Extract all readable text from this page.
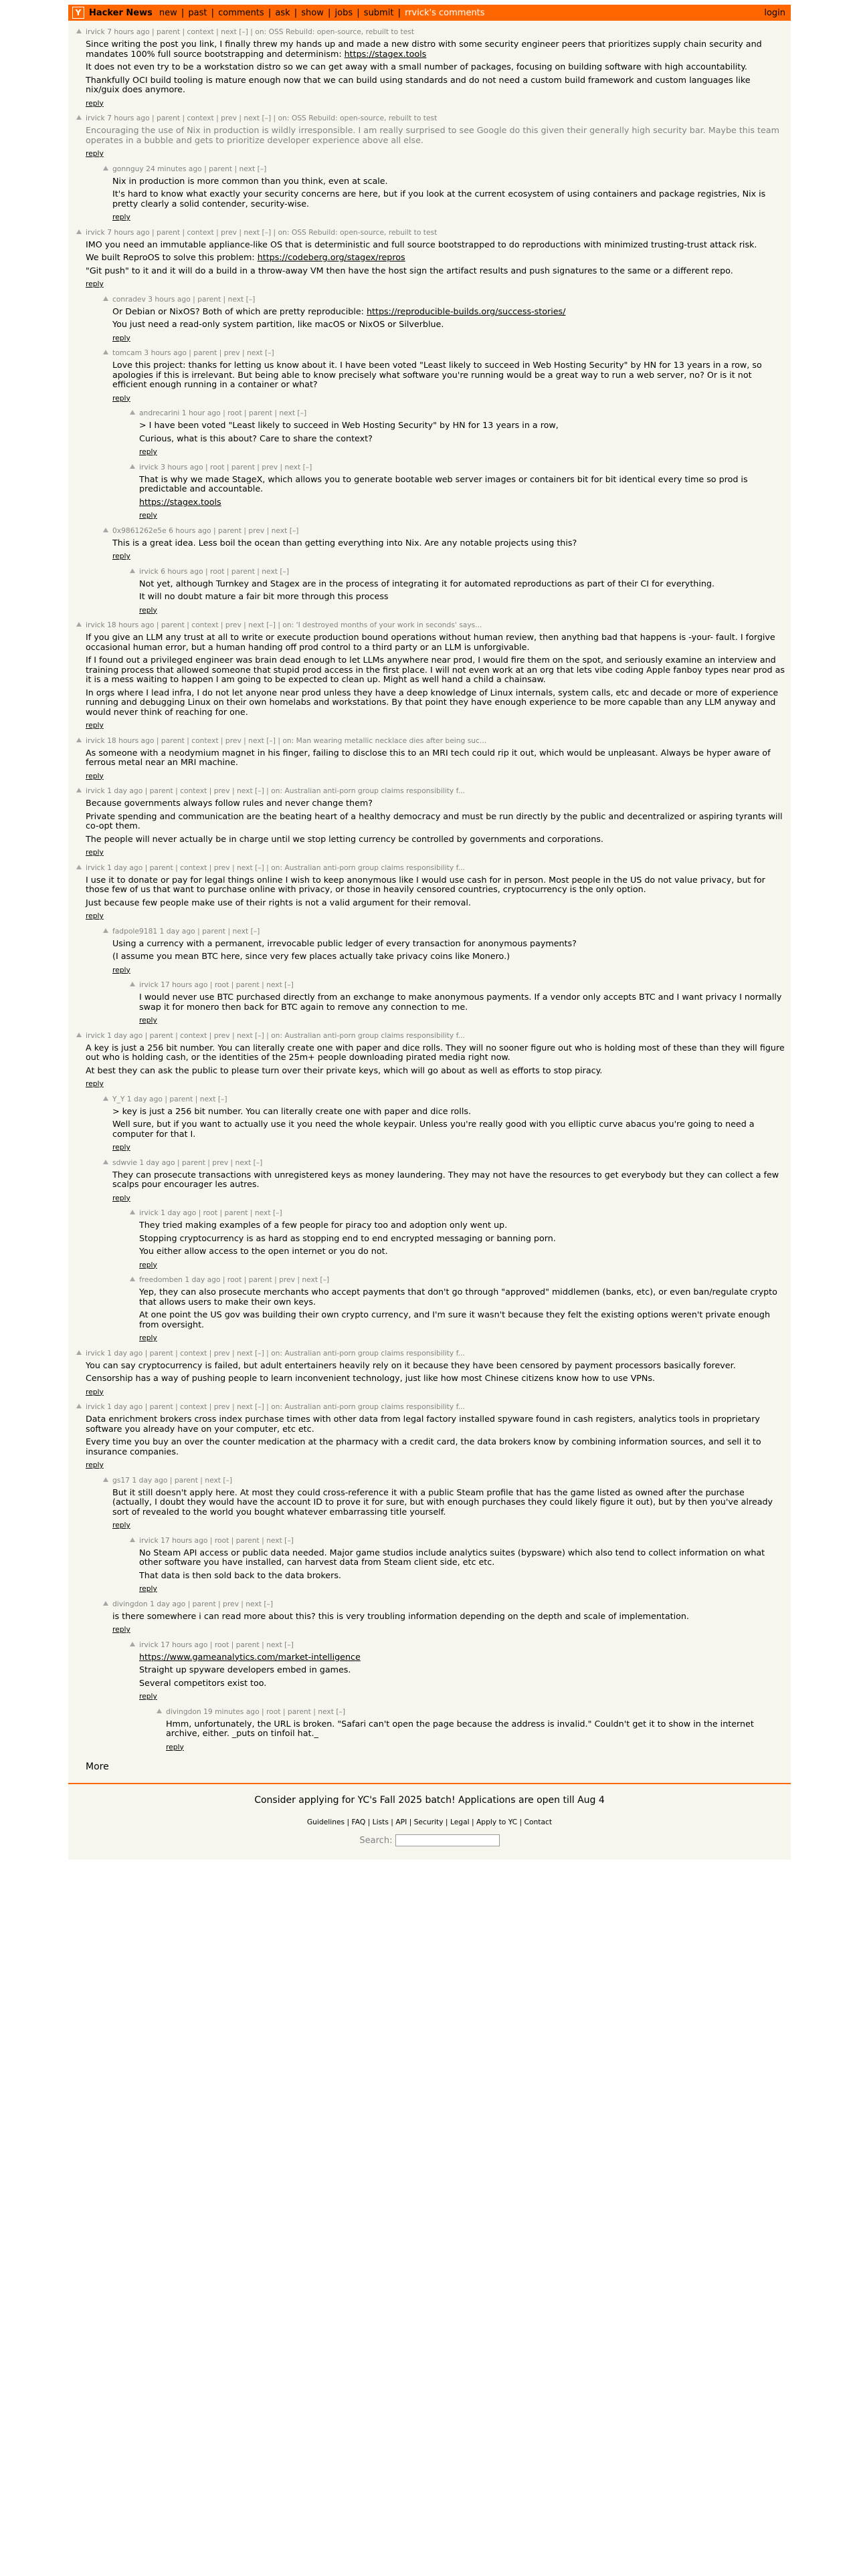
Y Hacker News new | past | comments | ask | show | jobs | submit | rrvick's comments	login
irvick 7 hours ago | parent | context | next [–] | on: OSS Rebuild: open-source, rebuilt to test

Since writing the post you link, I finally threw my hands up and made a new distro with some security engineer peers that prioritizes supply chain security and mandates 100% full source bootstrapping and determinism: https://stagex.tools

It does not even try to be a workstation distro so we can get away with a small number of packages, focusing on building software with high accountability.

Thankfully OCI build tooling is mature enough now that we can build using standards and do not need a custom build framework and custom languages like nix/guix does anymore.

reply
irvick 7 hours ago | parent | context | prev | next [–] | on: OSS Rebuild: open-source, rebuilt to test

Encouraging the use of Nix in production is wildly irresponsible. I am really surprised to see Google do this given their generally high security bar. Maybe this team operates in a bubble and gets to prioritize developer experience above all else.

reply
gonnguy 24 minutes ago | parent | next [–]

Nix in production is more common than you think, even at scale.

It's hard to know what exactly your security concerns are here, but if you look at the current ecosystem of using containers and package registries, Nix is pretty clearly a solid contender, security-wise.

reply
irvick 7 hours ago | parent | context | prev | next [–] | on: OSS Rebuild: open-source, rebuilt to test

IMO you need an immutable appliance-like OS that is deterministic and full source bootstrapped to do reproductions with minimized trusting-trust attack risk.

We built ReproOS to solve this problem: https://codeberg.org/stagex/repros

"Git push" to it and it will do a build in a throw-away VM then have the host sign the artifact results and push signatures to the same or a different repo.

reply
conradev 3 hours ago | parent | next [–]

Or Debian or NixOS? Both of which are pretty reproducible: https://reproducible-builds.org/success-stories/

You just need a read-only system partition, like macOS or NixOS or Silverblue.

reply
tomcam 3 hours ago | parent | prev | next [–]

Love this project: thanks for letting us know about it. I have been voted "Least likely to succeed in Web Hosting Security" by HN for 13 years in a row, so apologies if this is irrelevant. But being able to know precisely what software you're running would be a great way to run a web server, no? Or is it not efficient enough running in a container or what?

reply
andrecarini 1 hour ago | root | parent | next [–]

> I have been voted "Least likely to succeed in Web Hosting Security" by HN for 13 years in a row,

Curious, what is this about? Care to share the context?

reply
irvick 3 hours ago | root | parent | prev | next [–]

That is why we made StageX, which allows you to generate bootable web server images or containers bit for bit identical every time so prod is predictable and accountable.

https://stagex.tools

reply
0x9861262e5e 6 hours ago | parent | prev | next [–]

This is a great idea. Less boil the ocean than getting everything into Nix. Are any notable projects using this?

reply
irvick 6 hours ago | root | parent | next [–]

Not yet, although Turnkey and Stagex are in the process of integrating it for automated reproductions as part of their CI for everything.

It will no doubt mature a fair bit more through this process

reply
irvick 18 hours ago | parent | context | prev | next [–] | on: 'I destroyed months of your work in seconds' says...

If you give an LLM any trust at all to write or execute production bound operations without human review, then anything bad that happens is -your- fault. I forgive occasional human error, but a human handing off prod control to a third party or an LLM is unforgivable.

If I found out a privileged engineer was brain dead enough to let LLMs anywhere near prod, I would fire them on the spot, and seriously examine an interview and training process that allowed someone that stupid prod access in the first place. I will not even work at an org that lets vibe coding Apple fanboy types near prod as it is a mess waiting to happen I am going to be expected to clean up. Might as well hand a child a chainsaw.

In orgs where I lead infra, I do not let anyone near prod unless they have a deep knowledge of Linux internals, system calls, etc and decade or more of experience running and debugging Linux on their own homelabs and workstations. By that point they have enough experience to be more capable than any LLM anyway and would never think of reaching for one.

reply
irvick 18 hours ago | parent | context | prev | next [–] | on: Man wearing metallic necklace dies after being suc...

As someone with a neodymium magnet in his finger, failing to disclose this to an MRI tech could rip it out, which would be unpleasant. Always be hyper aware of ferrous metal near an MRI machine.

reply
irvick 1 day ago | parent | context | prev | next [–] | on: Australian anti-porn group claims responsibility f...

Because governments always follow rules and never change them?

Private spending and communication are the beating heart of a healthy democracy and must be run directly by the public and decentralized or aspiring tyrants will co-opt them.

The people will never actually be in charge until we stop letting currency be controlled by governments and corporations.

reply
irvick 1 day ago | parent | context | prev | next [–] | on: Australian anti-porn group claims responsibility f...

I use it to donate or pay for legal things online I wish to keep anonymous like I would use cash for in person. Most people in the US do not value privacy, but for those few of us that want to purchase online with privacy, or those in heavily censored countries, cryptocurrency is the only option.

Just because few people make use of their rights is not a valid argument for their removal.

reply
fadpole9181 1 day ago | parent | next [–]

Using a currency with a permanent, irrevocable public ledger of every transaction for anonymous payments?

(I assume you mean BTC here, since very few places actually take privacy coins like Monero.)

reply
irvick 17 hours ago | root | parent | next [–]

I would never use BTC purchased directly from an exchange to make anonymous payments. If a vendor only accepts BTC and I want privacy I normally swap it for monero then back for BTC again to remove any connection to me.

reply
irvick 1 day ago | parent | context | prev | next [–] | on: Australian anti-porn group claims responsibility f...

A key is just a 256 bit number. You can literally create one with paper and dice rolls. They will no sooner figure out who is holding most of these than they will figure out who is holding cash, or the identities of the 25m+ people downloading pirated media right now.

At best they can ask the public to please turn over their private keys, which will go about as well as efforts to stop piracy.

reply
Y_Y 1 day ago | parent | next [–]

> key is just a 256 bit number. You can literally create one with paper and dice rolls.

Well sure, but if you want to actually use it you need the whole keypair. Unless you're really good with you elliptic curve abacus you're going to need a computer for that I.

reply
sdwvie 1 day ago | parent | prev | next [–]

They can prosecute transactions with unregistered keys as money laundering. They may not have the resources to get everybody but they can collect a few scalps pour encourager les autres.

reply
irvick 1 day ago | root | parent | next [–]

They tried making examples of a few people for piracy too and adoption only went up.

Stopping cryptocurrency is as hard as stopping end to end encrypted messaging or banning porn.

You either allow access to the open internet or you do not.

reply
freedomben 1 day ago | root | parent | prev | next [–]

Yep, they can also prosecute merchants who accept payments that don't go through "approved" middlemen (banks, etc), or even ban/regulate crypto that allows users to make their own keys.

At one point the US gov was building their own crypto currency, and I'm sure it wasn't because they felt the existing options weren't private enough from oversight.

reply
irvick 1 day ago | parent | context | prev | next [–] | on: Australian anti-porn group claims responsibility f...

You can say cryptocurrency is failed, but adult entertainers heavily rely on it because they have been censored by payment processors basically forever.

Censorship has a way of pushing people to learn inconvenient technology, just like how most Chinese citizens know how to use VPNs.

reply
irvick 1 day ago | parent | context | prev | next [–] | on: Australian anti-porn group claims responsibility f...

Data enrichment brokers cross index purchase times with other data from legal factory installed spyware found in cash registers, analytics tools in proprietary software you already have on your computer, etc etc.

Every time you buy an over the counter medication at the pharmacy with a credit card, the data brokers know by combining information sources, and sell it to insurance companies.

reply
gs17 1 day ago | parent | next [–]

But it still doesn't apply here. At most they could cross-reference it with a public Steam profile that has the game listed as owned after the purchase (actually, I doubt they would have the account ID to prove it for sure, but with enough purchases they could likely figure it out), but by then you've already sort of revealed to the world you bought whatever embarrassing title yourself.

reply
irvick 17 hours ago | root | parent | next [–]

No Steam API access or public data needed. Major game studios include analytics suites (bypsware) which also tend to collect information on what other software you have installed, can harvest data from Steam client side, etc etc.

That data is then sold back to the data brokers.

reply
divingdon 1 day ago | parent | prev | next [–]

is there somewhere i can read more about this? this is very troubling information depending on the depth and scale of implementation.

reply
irvick 17 hours ago | root | parent | next [–]

https://www.gameanalytics.com/market-intelligence

Straight up spyware developers embed in games.

Several competitors exist too.

reply
divingdon 19 minutes ago | root | parent | next [–]

Hmm, unfortunately, the URL is broken. "Safari can't open the page because the address is invalid." Couldn't get it to show in the internet archive, either. _puts on tinfoil hat._

reply
More
Consider applying for YC's Fall 2025 batch! Applications are open till Aug 4
Guidelines | FAQ | Lists | API | Security | Legal | Apply to YC | Contact
Search:
